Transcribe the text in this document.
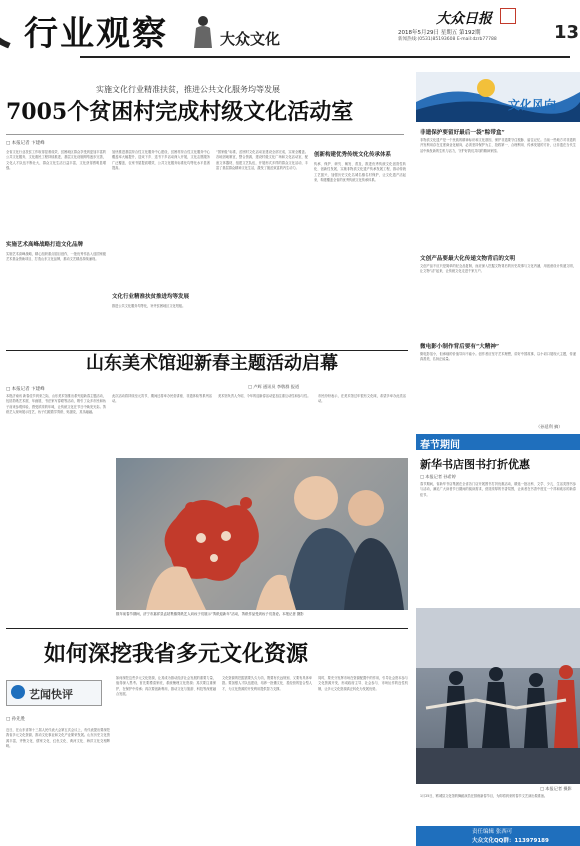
行业观察	大众文化
大众日报
2018年5月29日 星期五 第192期
新闻热线:(0531)85193608 E-mail:dzrb77788	13
实施文化行业精准扶贫，推进公共文化服务均等发展
7005个贫困村完成村级文化活动室
□ 本报记者 卞建峰
全省文化行业扶贫工作取得显著成效，贫困地区群众享受到更加丰富的公共文化服务，文化惠民工程持续推进，基层文化设施网络逐步完善，文化人才队伍不断壮大，群众文化生活日益丰富，文化获得感明显增强。
实施艺术高峰战略打造文化品牌
实施艺术高峰战略，精心组织重点剧目创作，一批优秀作品入选国家级艺术基金资助项目，打造山东文化品牌，推动文艺精品持续涌现。
加快推进基层综合性文化服务中心建设，贫困村综合性文化服务中心覆盖率大幅提升，送戏下乡、送书下乡活动深入开展，文化志愿服务广泛覆盖，农家书屋提质增效，公共文化服务标准化均等化水平显著提高。
文化行业精准扶贫推进均等发展
推进公共文化服务均等化，补齐贫困地区文化短板。
“国家级”标准，贫困村文化活动室建设全部完成，实现全覆盖。各地因地制宜，整合资源，建设村级文化广场和文化活动室，配备文体器材，组建文艺队伍，开展形式多样的群众文化活动，丰富了基层群众精神文化生活，激发了脱贫致富的内生动力。
创新构建优秀传统文化传承体系
传承、保护、研究、阐发、普及，推进优秀传统文化创造性转化、创新性发展，实施非物质文化遗产传承发展工程，推动传统工艺振兴，加强历史文化名城名镇名村保护，让文化遗产活起来，构建覆盖全省的优秀传统文化传承体系。
文化风向
非遗保护要留好最后一袋“粽带盒”
非物质文化遗产是一个民族的精神标识和文化基因，保护非遗要守住根脉、留住记忆。当前一些地方对非遗的开发利用存在过度商业化倾向，必须坚持保护为主、抢救第一、合理利用、传承发展的方针，让非遗在当代生活中焕发新的生机与活力，守护好我们共同的精神家园。
文创产品要最大化传递文物背后的文明
文创产品不应只是简单的纪念品复制，而应深入挖掘文物背后的历史故事与文化内涵，用创意设计传递文明，让文物“活”起来，让传统文化走进千家万户。
微电影小制作背后要有“大精神”
微电影虽小，但承载的价值导向不能小。创作者应坚守艺术理想，讲好中国故事，以小切口展现大主题，传递真善美，弘扬正能量。
（孙延利 摘）
春节期间
新华书店图书打折优惠
□ 本报记者 孙希婷
春节期间，省新华书店集团在全省各门店开展图书打折优惠活动，精选一批社科、文学、少儿、生活类图书参与活动，满足广大读者节日期间的阅读需求，营造浓厚的书香氛围，让读者在书香中度过一个祥和欢乐的新春佳节。
山东美术馆迎新春主题活动启幕
□ 本报记者 卞建峰
本报济南讯 新春佳节到来之际，山东美术馆推出系列迎新春主题活动，包括剪纸艺术展、年画展、书法家写春联等活动，吸引了众多市民和孩子前来参观体验，感受浓浓的年味，让传统文化在节日中焕发光彩。剪纸艺人现场展示技艺，孩子们跟着学剪纸、贴窗花，其乐融融。
此次活动将持续至元宵节，期间还将举办民俗讲座、非遗体验等系列活动。
美术馆负责人介绍，今年的迎新春活动更加注重互动性和参与性。	市民纷纷表示，在美术馆过年很有文化味，希望多举办此类活动。
数年前春节期间，济宁市嘉祥县孟姑集镇剪纸艺人向孩子们展示“剪纸迎新年”活动，剪纸作品受到孩子们喜爱。本报记者 摄影
□ 卢辉 通讯员 李敬群 报道
如何深挖我省多元文化资源
艺闻快评
□ 孙先胜
近日，在山东省第十三届人民代表大会第五次会议上，有代表提出要深挖我省多元文化资源，推动文化事业和文化产业繁荣发展。山东历史文化资源丰富，齐鲁文化、儒家文化、红色文化、黄河文化、海洋文化交相辉映。
如何深挖这些多元文化资源，让其成为推动经济社会发展的重要力量，值得深入思考。首先要摸清家底，系统梳理文化资源；其次要注重保护，在保护中传承；再次要创新利用，推动文化与旅游、科技等深度融合发展。
文化资源的挖掘需要久久为功，既要有长远规划，又要有具体举措。要加强人才队伍建设，培养一批懂文化、善经营的复合型人才，为文化资源的开发利用提供智力支撑。
同时，要充分发挥市场在资源配置中的作用，引导社会资本参与文化资源开发，形成政府主导、社会参与、市场运作的良性机制，让多元文化资源真正转化为发展优势。
□ 本报记者 摄影
1月25日，郓城县文化馆的舞蹈演员在排练新春节目，为即将到来的春节文艺演出做准备。
责任编辑 张西可
大众文化QQ群：113979189
